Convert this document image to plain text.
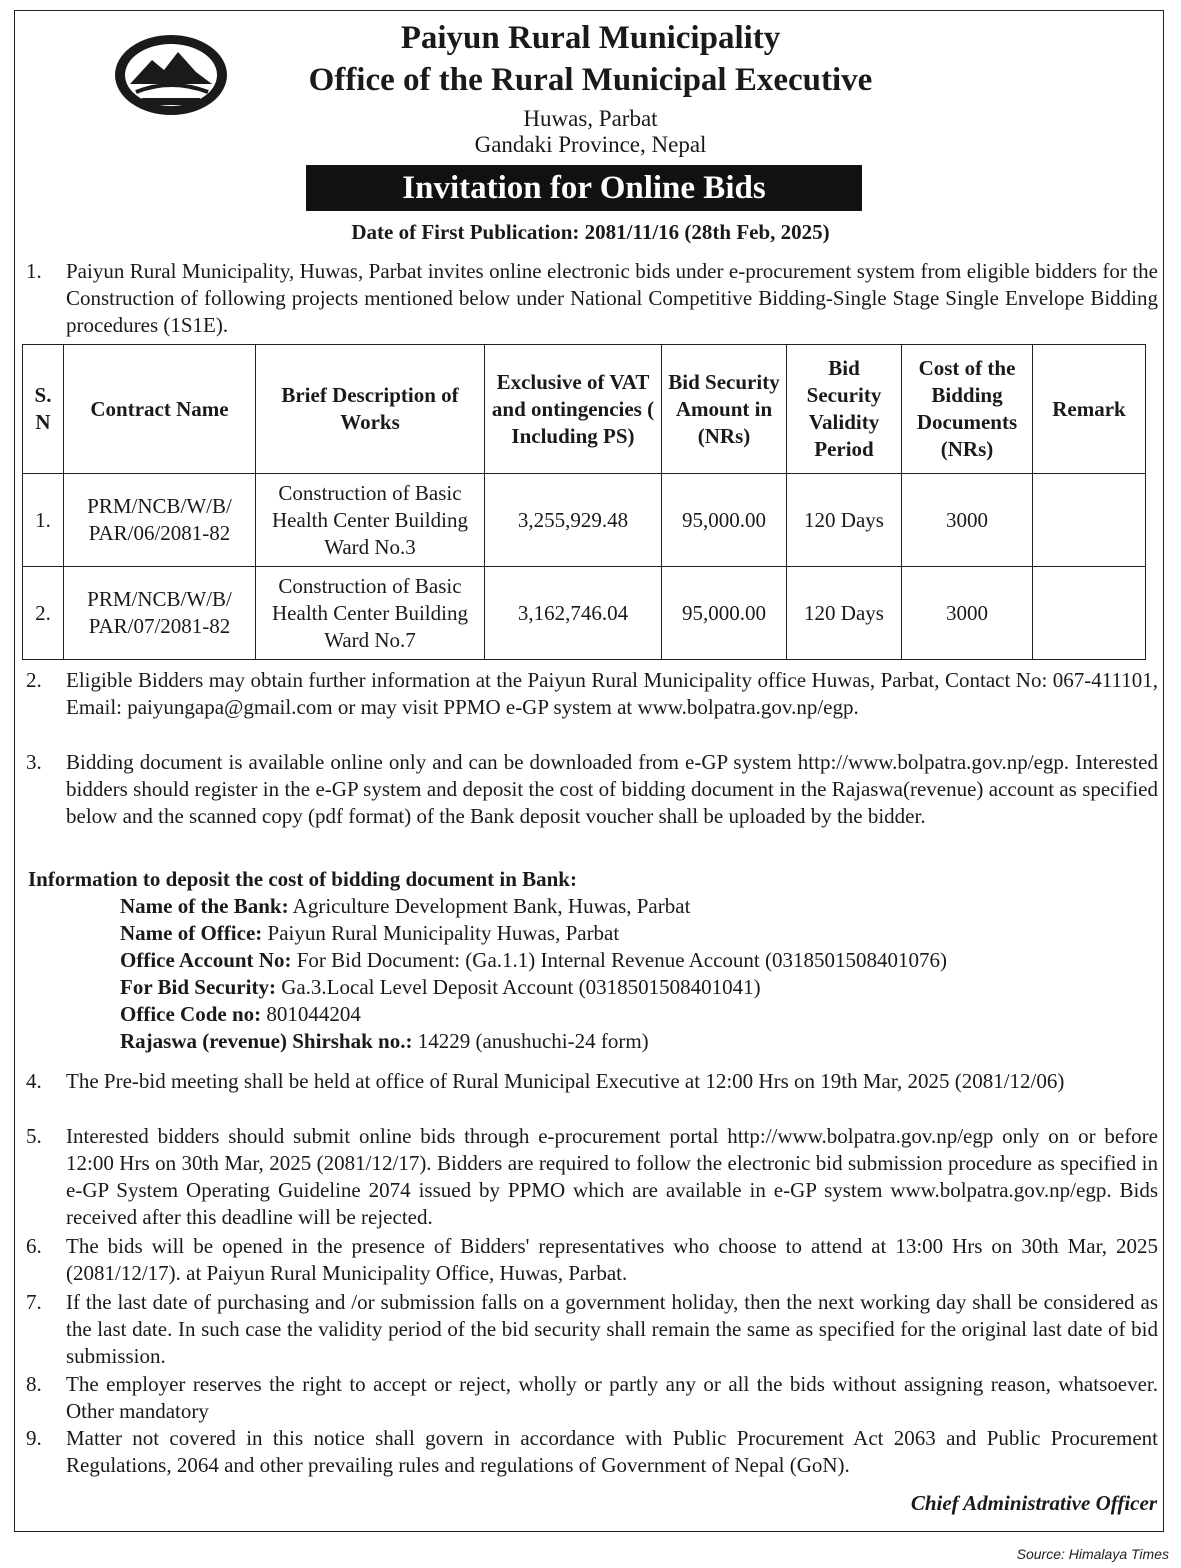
Paiyun Rural Municipality
Office of the Rural Municipal Executive
Huwas, Parbat
Gandaki Province, Nepal
Invitation for Online Bids
Date of First Publication: 2081/11/16 (28th Feb, 2025)
1. Paiyun Rural Municipality, Huwas, Parbat invites online electronic bids under e-procurement system from eligible bidders for the Construction of following projects mentioned below under National Competitive Bidding-Single Stage Single Envelope Bidding procedures (1S1E).
S. N	Contract Name	Brief Description of Works	Exclusive of VAT and ontingencies ( Including PS)	Bid Security Amount in (NRs)	Bid Security Validity Period	Cost of the Bidding Documents (NRs)	Remark
1.	PRM/NCB/W/B/ PAR/06/2081-82	Construction of Basic Health Center Building Ward No.3	3,255,929.48	95,000.00	120 Days	3000	
2.	PRM/NCB/W/B/ PAR/07/2081-82	Construction of Basic Health Center Building Ward No.7	3,162,746.04	95,000.00	120 Days	3000	
2. Eligible Bidders may obtain further information at the Paiyun Rural Municipality office Huwas, Parbat, Contact No: 067-411101, Email: paiyungapa@gmail.com or may visit PPMO e-GP system at www.bolpatra.gov.np/egp.
3. Bidding document is available online only and can be downloaded from e-GP system http://www.bolpatra.gov.np/egp. Interested bidders should register in the e-GP system and deposit the cost of bidding document in the Rajaswa(revenue) account as specified below and the scanned copy (pdf format) of the Bank deposit voucher shall be uploaded by the bidder.
Information to deposit the cost of bidding document in Bank:
Name of the Bank: Agriculture Development Bank, Huwas, Parbat
Name of Office: Paiyun Rural Municipality Huwas, Parbat
Office Account No: For Bid Document: (Ga.1.1) Internal Revenue Account (0318501508401076)
For Bid Security: Ga.3.Local Level Deposit Account (0318501508401041)
Office Code no: 801044204
Rajaswa (revenue) Shirshak no.: 14229 (anushuchi-24 form)
4. The Pre-bid meeting shall be held at office of Rural Municipal Executive at 12:00 Hrs on 19th Mar, 2025 (2081/12/06)
5. Interested bidders should submit online bids through e-procurement portal http://www.bolpatra.gov.np/egp only on or before 12:00 Hrs on 30th Mar, 2025 (2081/12/17). Bidders are required to follow the electronic bid submission procedure as specified in e-GP System Operating Guideline 2074 issued by PPMO which are available in e-GP system www.bolpatra.gov.np/egp. Bids received after this deadline will be rejected.
6. The bids will be opened in the presence of Bidders' representatives who choose to attend at 13:00 Hrs on 30th Mar, 2025 (2081/12/17). at Paiyun Rural Municipality Office, Huwas, Parbat.
7. If the last date of purchasing and /or submission falls on a government holiday, then the next working day shall be considered as the last date. In such case the validity period of the bid security shall remain the same as specified for the original last date of bid submission.
8. The employer reserves the right to accept or reject, wholly or partly any or all the bids without assigning reason, whatsoever. Other mandatory
9. Matter not covered in this notice shall govern in accordance with Public Procurement Act 2063 and Public Procurement Regulations, 2064 and other prevailing rules and regulations of Government of Nepal (GoN).
Chief Administrative Officer
Source: Himalaya Times
